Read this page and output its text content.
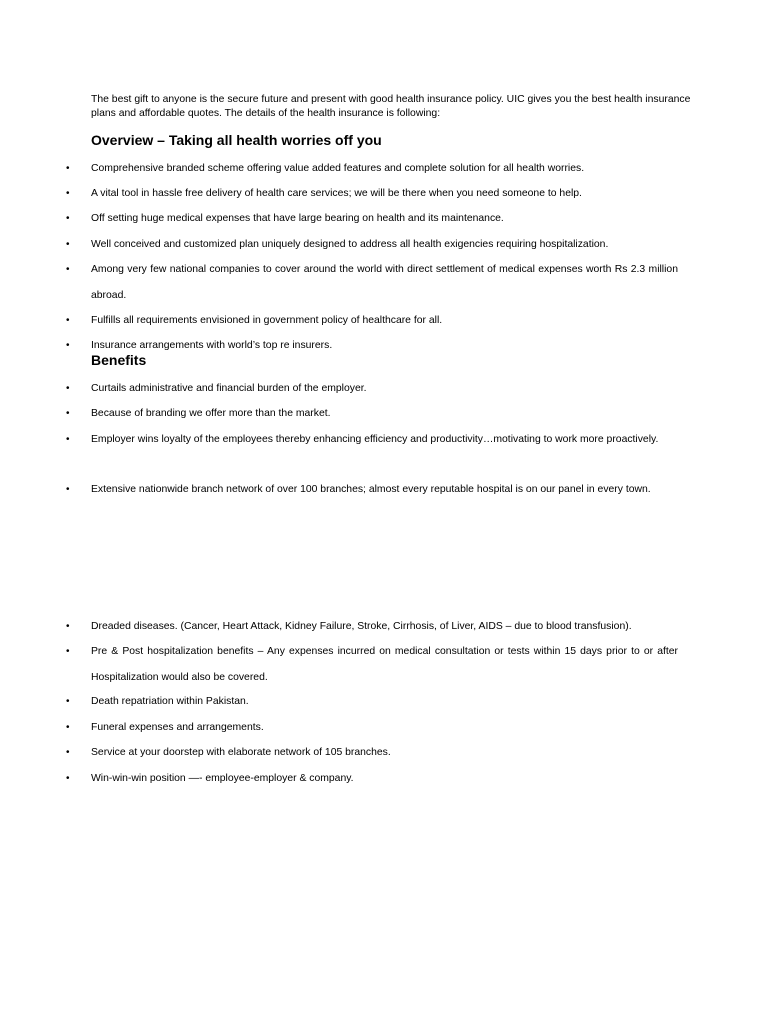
The best gift to anyone is the secure future and present with good health insurance policy. UIC gives you the best health insurance plans and affordable quotes. The details of the health insurance is following:

Overview – Taking all health worries off you
• Comprehensive branded scheme offering value added features and complete solution for all health worries.
• A vital tool in hassle free delivery of health care services; we will be there when you need someone to help.
• Off setting huge medical expenses that have large bearing on health and its maintenance.
• Well conceived and customized plan uniquely designed to address all health exigencies requiring hospitalization.
• Among very few national companies to cover around the world with direct settlement of medical expenses worth Rs 2.3 million abroad.
• Fulfills all requirements envisioned in government policy of healthcare for all.
• Insurance arrangements with world’s top re insurers.
Benefits
• Curtails administrative and financial burden of the employer.
• Because of branding we offer more than the market.
• Employer wins loyalty of the employees thereby enhancing efficiency and productivity…motivating to work more proactively.
• Extensive nationwide branch network of over 100 branches; almost every reputable hospital is on our panel in every town.
• Dreaded diseases. (Cancer, Heart Attack, Kidney Failure, Stroke, Cirrhosis, of Liver, AIDS – due to blood transfusion).
• Pre & Post hospitalization benefits – Any expenses incurred on medical consultation or tests within 15 days prior to or after Hospitalization would also be covered.
• Death repatriation within Pakistan.
• Funeral expenses and arrangements.
• Service at your doorstep with elaborate network of 105 branches.
• Win-win-win position —- employee-employer & company.
